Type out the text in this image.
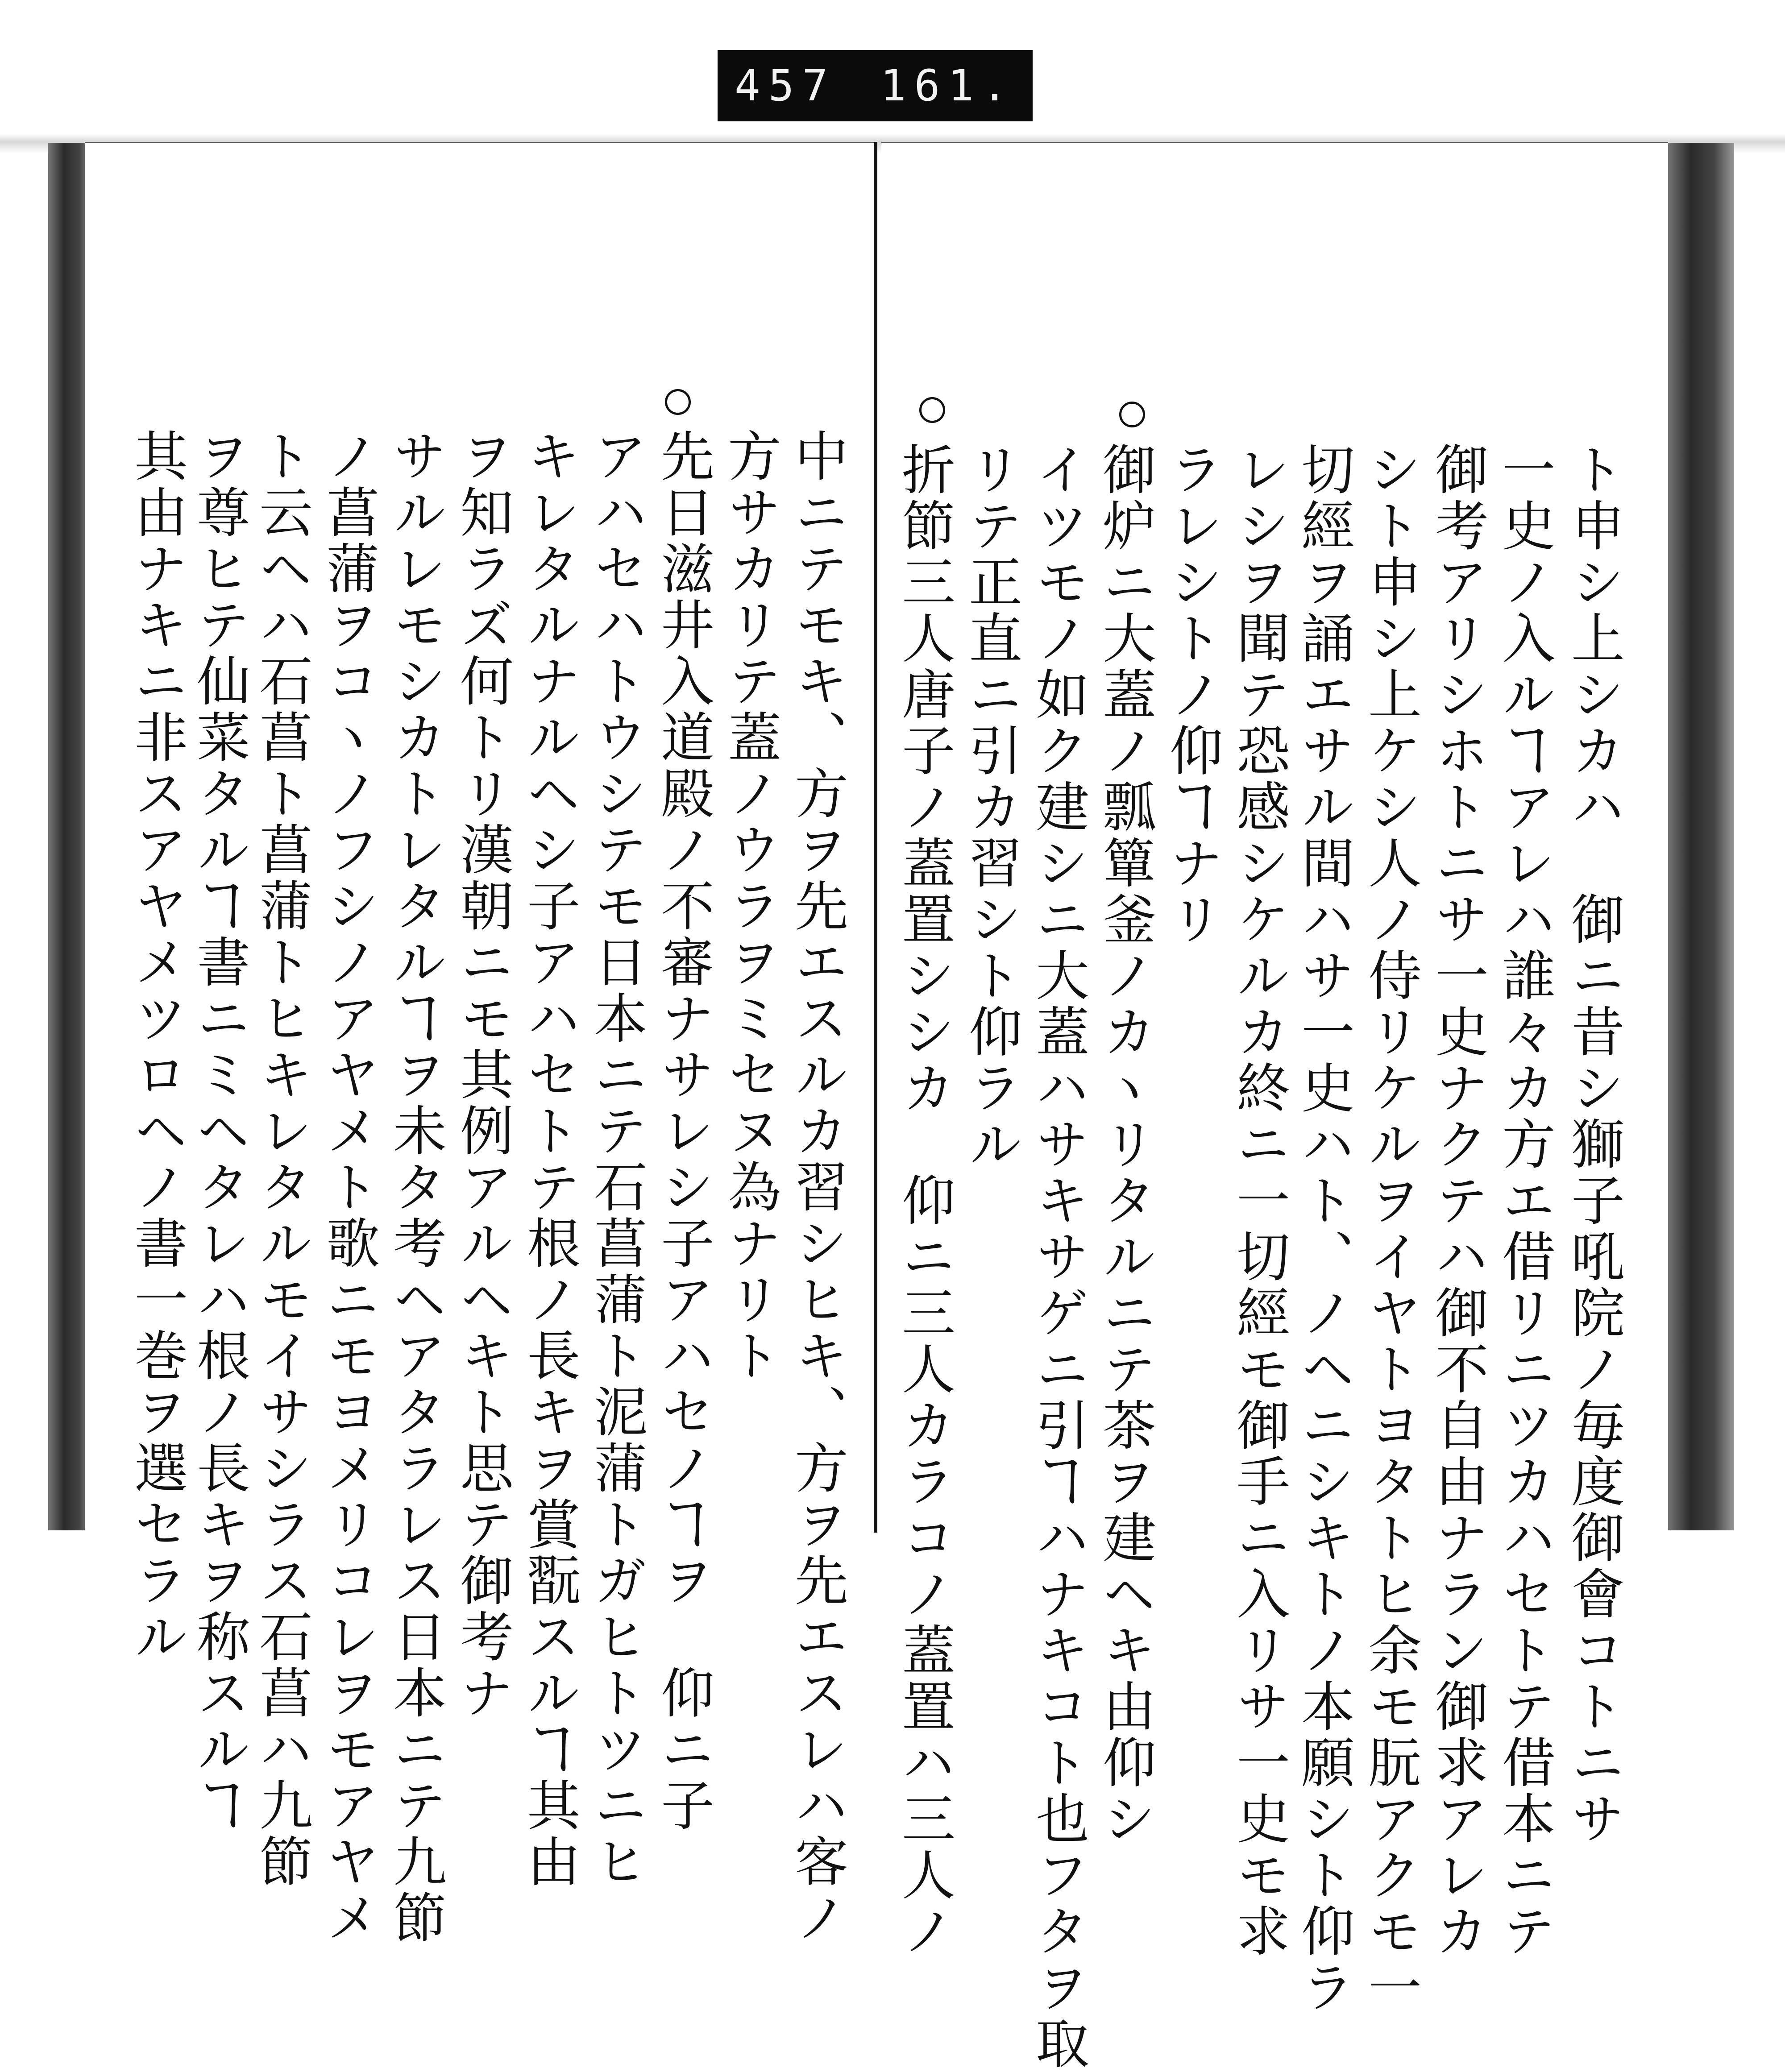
457 161.
ト申シ上シカハ　御ニ昔シ獅子吼院ノ毎度御會コトニサ
一史ノ入ルヿアレハ誰々カ方エ借リニツカハセトテ借本ニテ
御考アリシホトニサ一史ナクテハ御不自由ナラン御求アレカ
シト申シ上ケシ人ノ侍リケルヲイヤトヨタトヒ余モ朊アクモ一
切經ヲ誦エサル間ハサ一史ハト、ノヘニシキトノ本願シト仰ラ
レシヲ聞テ恐感シケルカ終ニ一切經モ御手ニ入リサ一史モ求
ラレシトノ仰ヿナリ
御炉ニ大蓋ノ瓢簞釜ノカヽリタルニテ茶ヲ建ヘキ由仰シ
イツモノ如ク建シニ大蓋ハサキサゲニ引ヿハナキコト也フタヲ取
リテ正直ニ引カ習シト仰ラル
折節三人唐子ノ蓋置シシカ　仰ニ三人カラコノ蓋置ハ三人ノ
中ニテモキ、方ヲ先エスルカ習シヒキ、方ヲ先エスレハ客ノ
方サカリテ蓋ノウラヲミセヌ為ナリト
先日滋井入道殿ノ不審ナサレシ子アハセノヿヲ　仰ニ子
アハセハトウシテモ日本ニテ石菖蒲ト泥蒲トガヒトツニヒ
キレタルナルヘシ子アハセトテ根ノ長キヲ賞翫スルヿ其由
ヲ知ラズ何トリ漢朝ニモ其例アルヘキト思テ御考ナ
サルレモシカトレタルヿヲ未タ考ヘアタラレス日本ニテ九節
ノ菖蒲ヲコヽノフシノアヤメト歌ニモヨメリコレヲモアヤメ
ト云ヘハ石菖ト菖蒲トヒキレタルモイサシラス石菖ハ九節
ヲ尊ヒテ仙菜タルヿ書ニミヘタレハ根ノ長キヲ称スルヿ
其由ナキニ非スアヤメツロヘノ書一巻ヲ選セラル
